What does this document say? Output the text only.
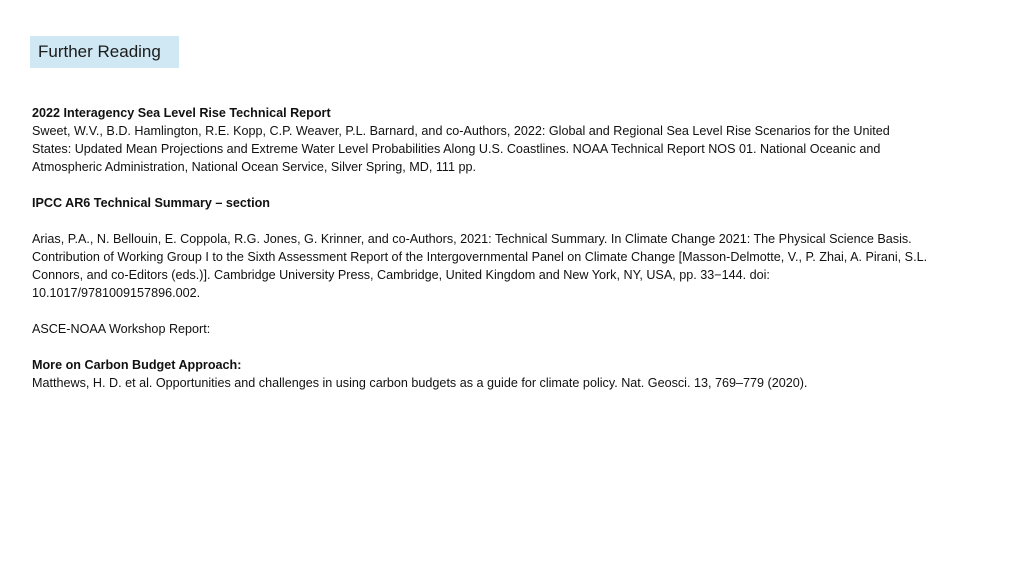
Further Reading
2022 Interagency Sea Level Rise Technical Report
Sweet, W.V., B.D. Hamlington, R.E. Kopp, C.P. Weaver, P.L. Barnard, and co-Authors, 2022: Global and Regional Sea Level Rise Scenarios for the United States: Updated Mean Projections and Extreme Water Level Probabilities Along U.S. Coastlines. NOAA Technical Report NOS 01. National Oceanic and Atmospheric Administration, National Ocean Service, Silver Spring, MD, 111 pp.
IPCC AR6 Technical Summary – section
Arias, P.A., N. Bellouin, E. Coppola, R.G. Jones, G. Krinner, and co-Authors, 2021: Technical Summary. In Climate Change 2021: The Physical Science Basis. Contribution of Working Group I to the Sixth Assessment Report of the Intergovernmental Panel on Climate Change [Masson-Delmotte, V., P. Zhai, A. Pirani, S.L. Connors, and co-Editors (eds.)]. Cambridge University Press, Cambridge, United Kingdom and New York, NY, USA, pp. 33−144. doi: 10.1017/9781009157896.002.
ASCE-NOAA Workshop Report:
More on Carbon Budget Approach:
Matthews, H. D. et al. Opportunities and challenges in using carbon budgets as a guide for climate policy. Nat. Geosci. 13, 769–779 (2020).
